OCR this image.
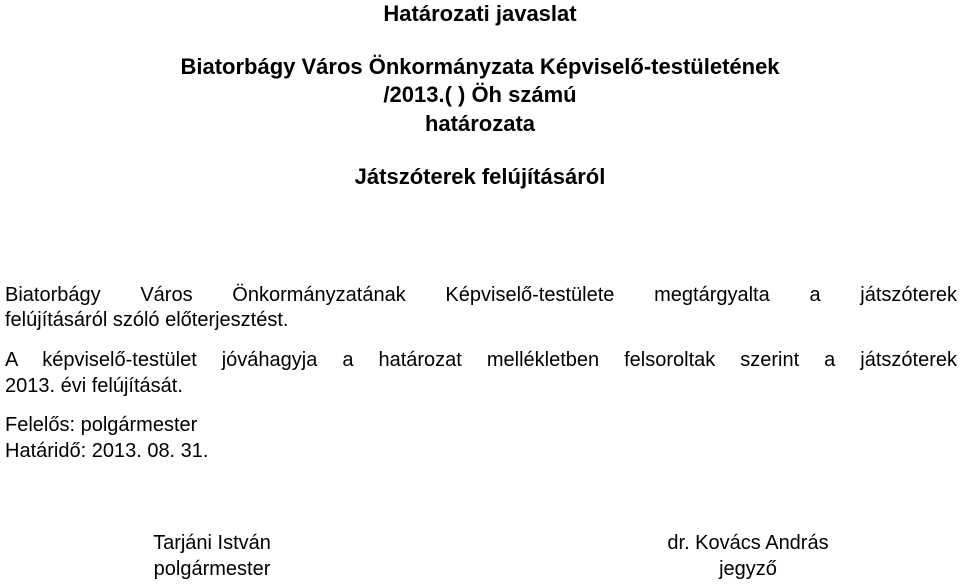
Határozati javaslat
Biatorbágy Város Önkormányzata Képviselő-testületének
/2013.( ) Öh számú
határozata
Játszóterek felújításáról
Biatorbágy Város Önkormányzatának Képviselő-testülete megtárgyalta a játszóterek
felújításáról szóló előterjesztést.
A képviselő-testület jóváhagyja a határozat mellékletben felsoroltak szerint a játszóterek
2013. évi felújítását.
Felelős: polgármester
Határidő: 2013. 08. 31.
Tarjáni István
polgármester
dr. Kovács András
jegyző
